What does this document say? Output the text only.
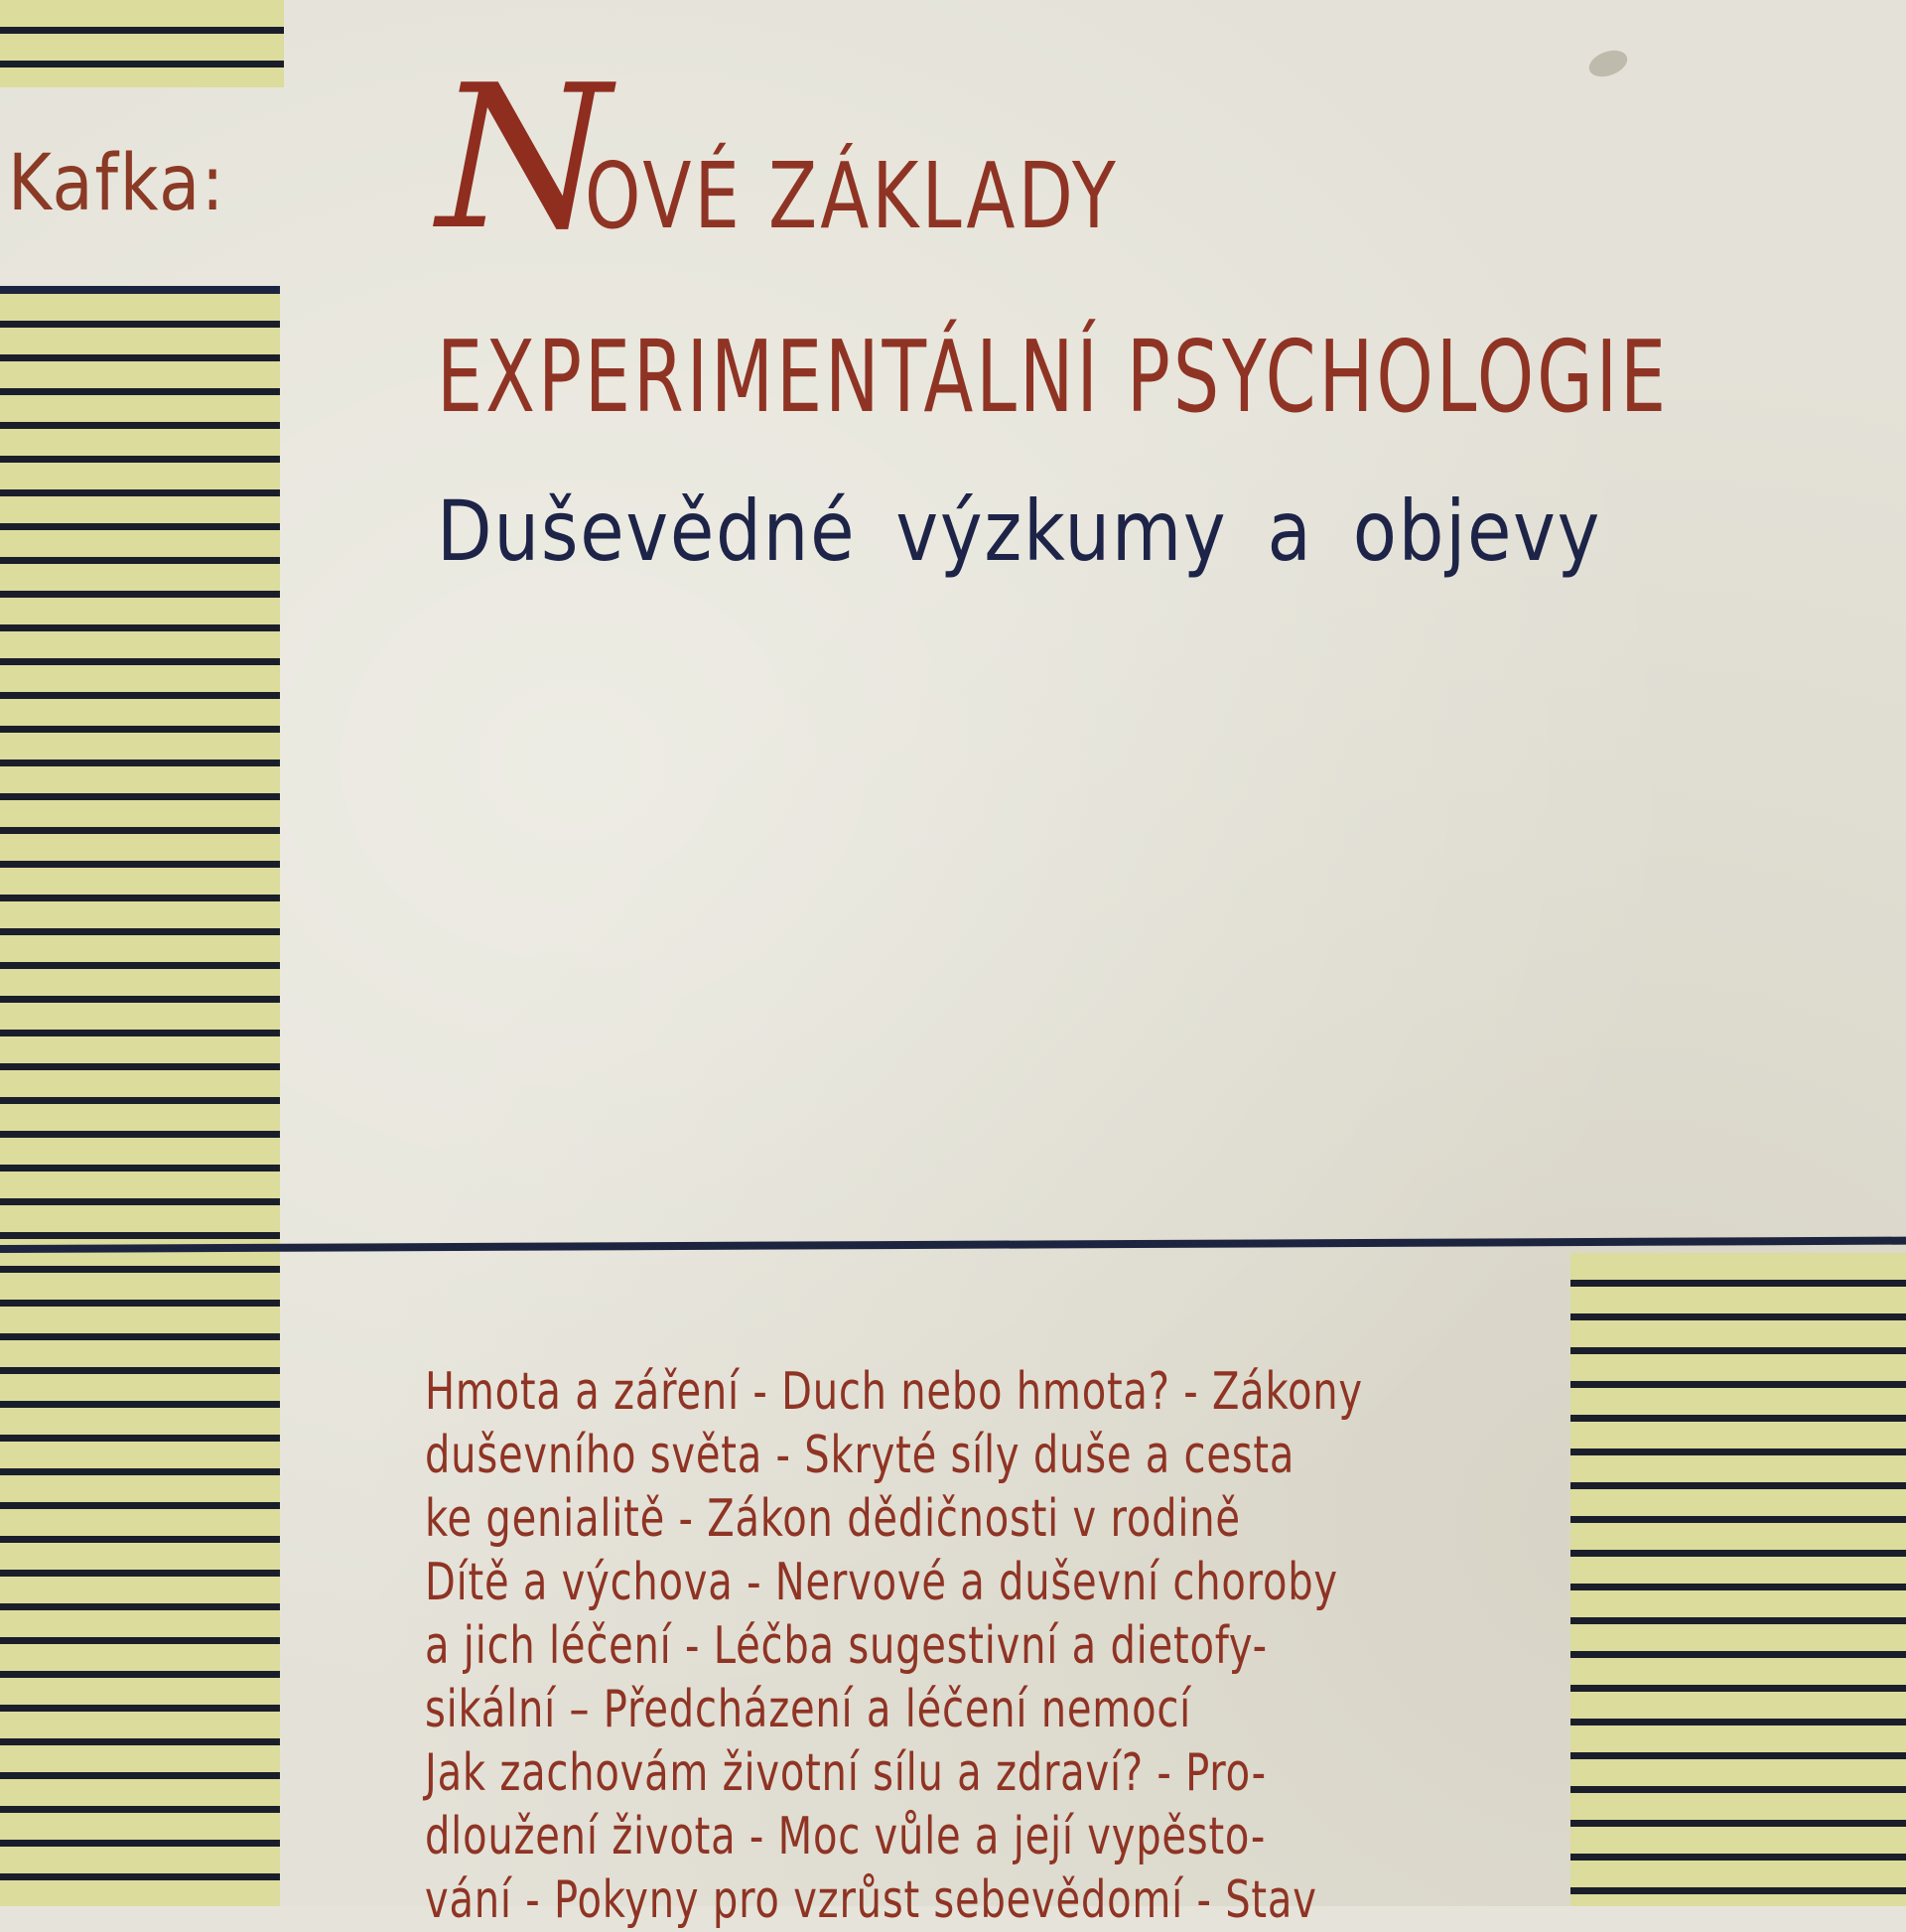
Kafka: NOVÉ ZÁKLADY
EXPERIMENTÁLNÍ PSYCHOLOGIE
Duševědné výzkumy a objevy
Hmota a záření - Duch nebo hmota? - Zákony
duševního světa - Skryté síly duše a cesta
ke genialitě - Zákon dědičnosti v rodině
Dítě a výchova - Nervové a duševní choroby
a jich léčení - Léčba sugestivní a dietofy-
sikální – Předcházení a léčení nemocí
Jak zachovám životní sílu a zdraví? - Pro-
dloužení života - Moc vůle a její vypěsto-
vání - Pokyny pro vzrůst sebevědomí - Stav
